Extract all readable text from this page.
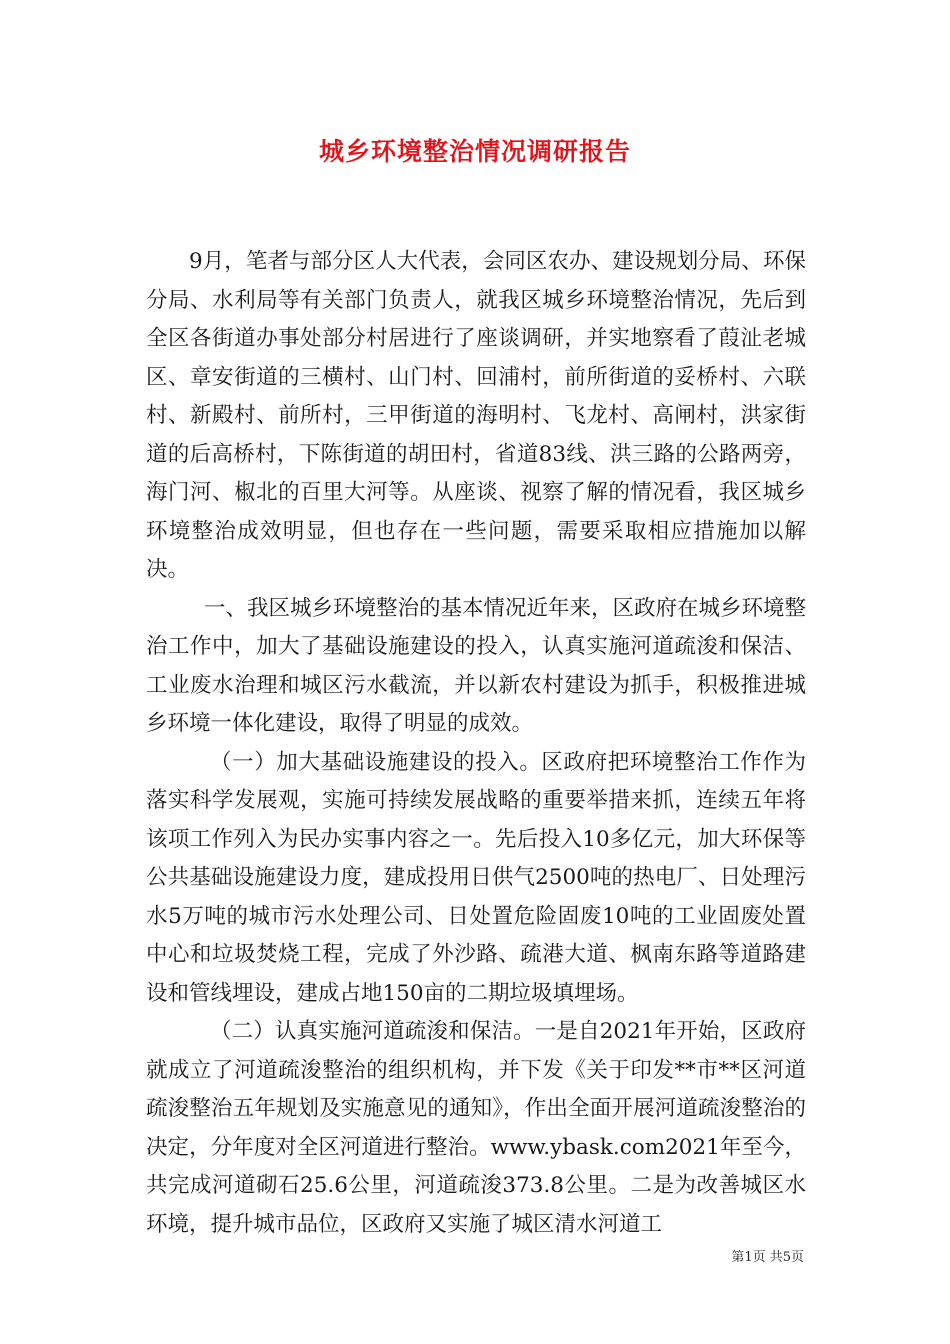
城乡环境整治情况调研报告

9月，笔者与部分区人大代表，会同区农办、建设规划分局、环保分局、水利局等有关部门负责人，就我区城乡环境整治情况，先后到全区各街道办事处部分村居进行了座谈调研，并实地察看了葭沚老城区、章安街道的三横村、山门村、回浦村，前所街道的妥桥村、六联村、新殿村、前所村，三甲街道的海明村、飞龙村、高闸村，洪家街道的后高桥村，下陈街道的胡田村，省道83线、洪三路的公路两旁，海门河、椒北的百里大河等。从座谈、视察了解的情况看，我区城乡环境整治成效明显，但也存在一些问题，需要采取相应措施加以解决。

一、我区城乡环境整治的基本情况近年来，区政府在城乡环境整治工作中，加大了基础设施建设的投入，认真实施河道疏浚和保洁、工业废水治理和城区污水截流，并以新农村建设为抓手，积极推进城乡环境一体化建设，取得了明显的成效。

（一）加大基础设施建设的投入。区政府把环境整治工作作为落实科学发展观，实施可持续发展战略的重要举措来抓，连续五年将该项工作列入为民办实事内容之一。先后投入10多亿元，加大环保等公共基础设施建设力度，建成投用日供气2500吨的热电厂、日处理污水5万吨的城市污水处理公司、日处置危险固废10吨的工业固废处置中心和垃圾焚烧工程，完成了外沙路、疏港大道、枫南东路等道路建设和管线埋设，建成占地150亩的二期垃圾填埋场。

（二）认真实施河道疏浚和保洁。一是自2021年开始，区政府就成立了河道疏浚整治的组织机构，并下发《关于印发**市**区河道疏浚整治五年规划及实施意见的通知》，作出全面开展河道疏浚整治的决定，分年度对全区河道进行整治。www.ybask.com2021年至今，共完成河道砌石25.6公里，河道疏浚373.8公里。二是为改善城区水环境，提升城市品位，区政府又实施了城区清水河道工

第1页 共5页
